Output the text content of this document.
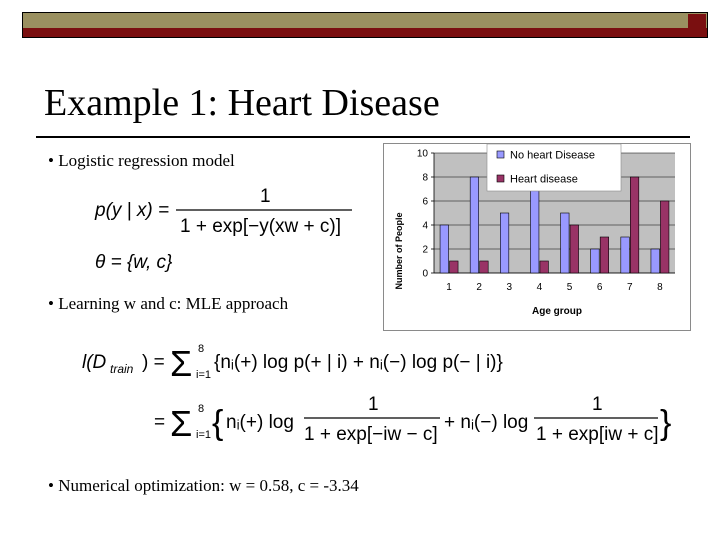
Example 1: Heart Disease
• Logistic regression model
• Learning w and c: MLE approach
• Numerical optimization: w = 0.58, c = -3.34
p(y | x) =
1
1 + exp[−y(xw + c)]
θ = {w, c}	Number of People
Age group
0
2
4
6
8
10
1 2 3 4 5 6 7 8
No heart Disease
Heart disease
l(D train ) = Σ 8
i=1
{nᵢ(+) log p(+ | i) + nᵢ(−) log p(− | i)}
= Σ 8
i=1 { nᵢ(+) log
1
1 + exp[−iw − c]
+ nᵢ(−) log
1
1 + exp[iw + c] }
